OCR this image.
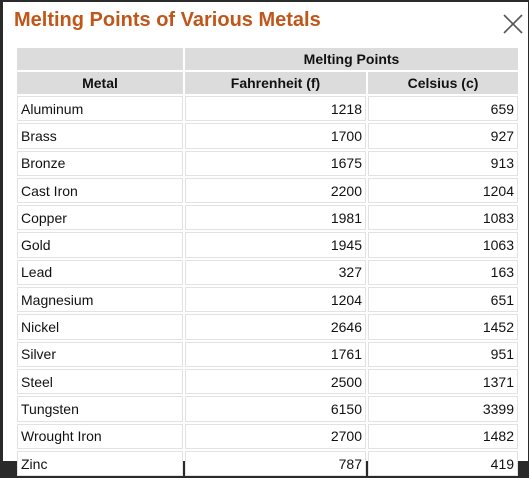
Melting Points of Various Metals
	Melting Points	
Metal	Fahrenheit (f)	Celsius (c)
Aluminum	1218	659
Brass	1700	927
Bronze	1675	913
Cast Iron	2200	1204
Copper	1981	1083
Gold	1945	1063
Lead	327	163
Magnesium	1204	651
Nickel	2646	1452
Silver	1761	951
Steel	2500	1371
Tungsten	6150	3399
Wrought Iron	2700	1482
Zinc	787	419
